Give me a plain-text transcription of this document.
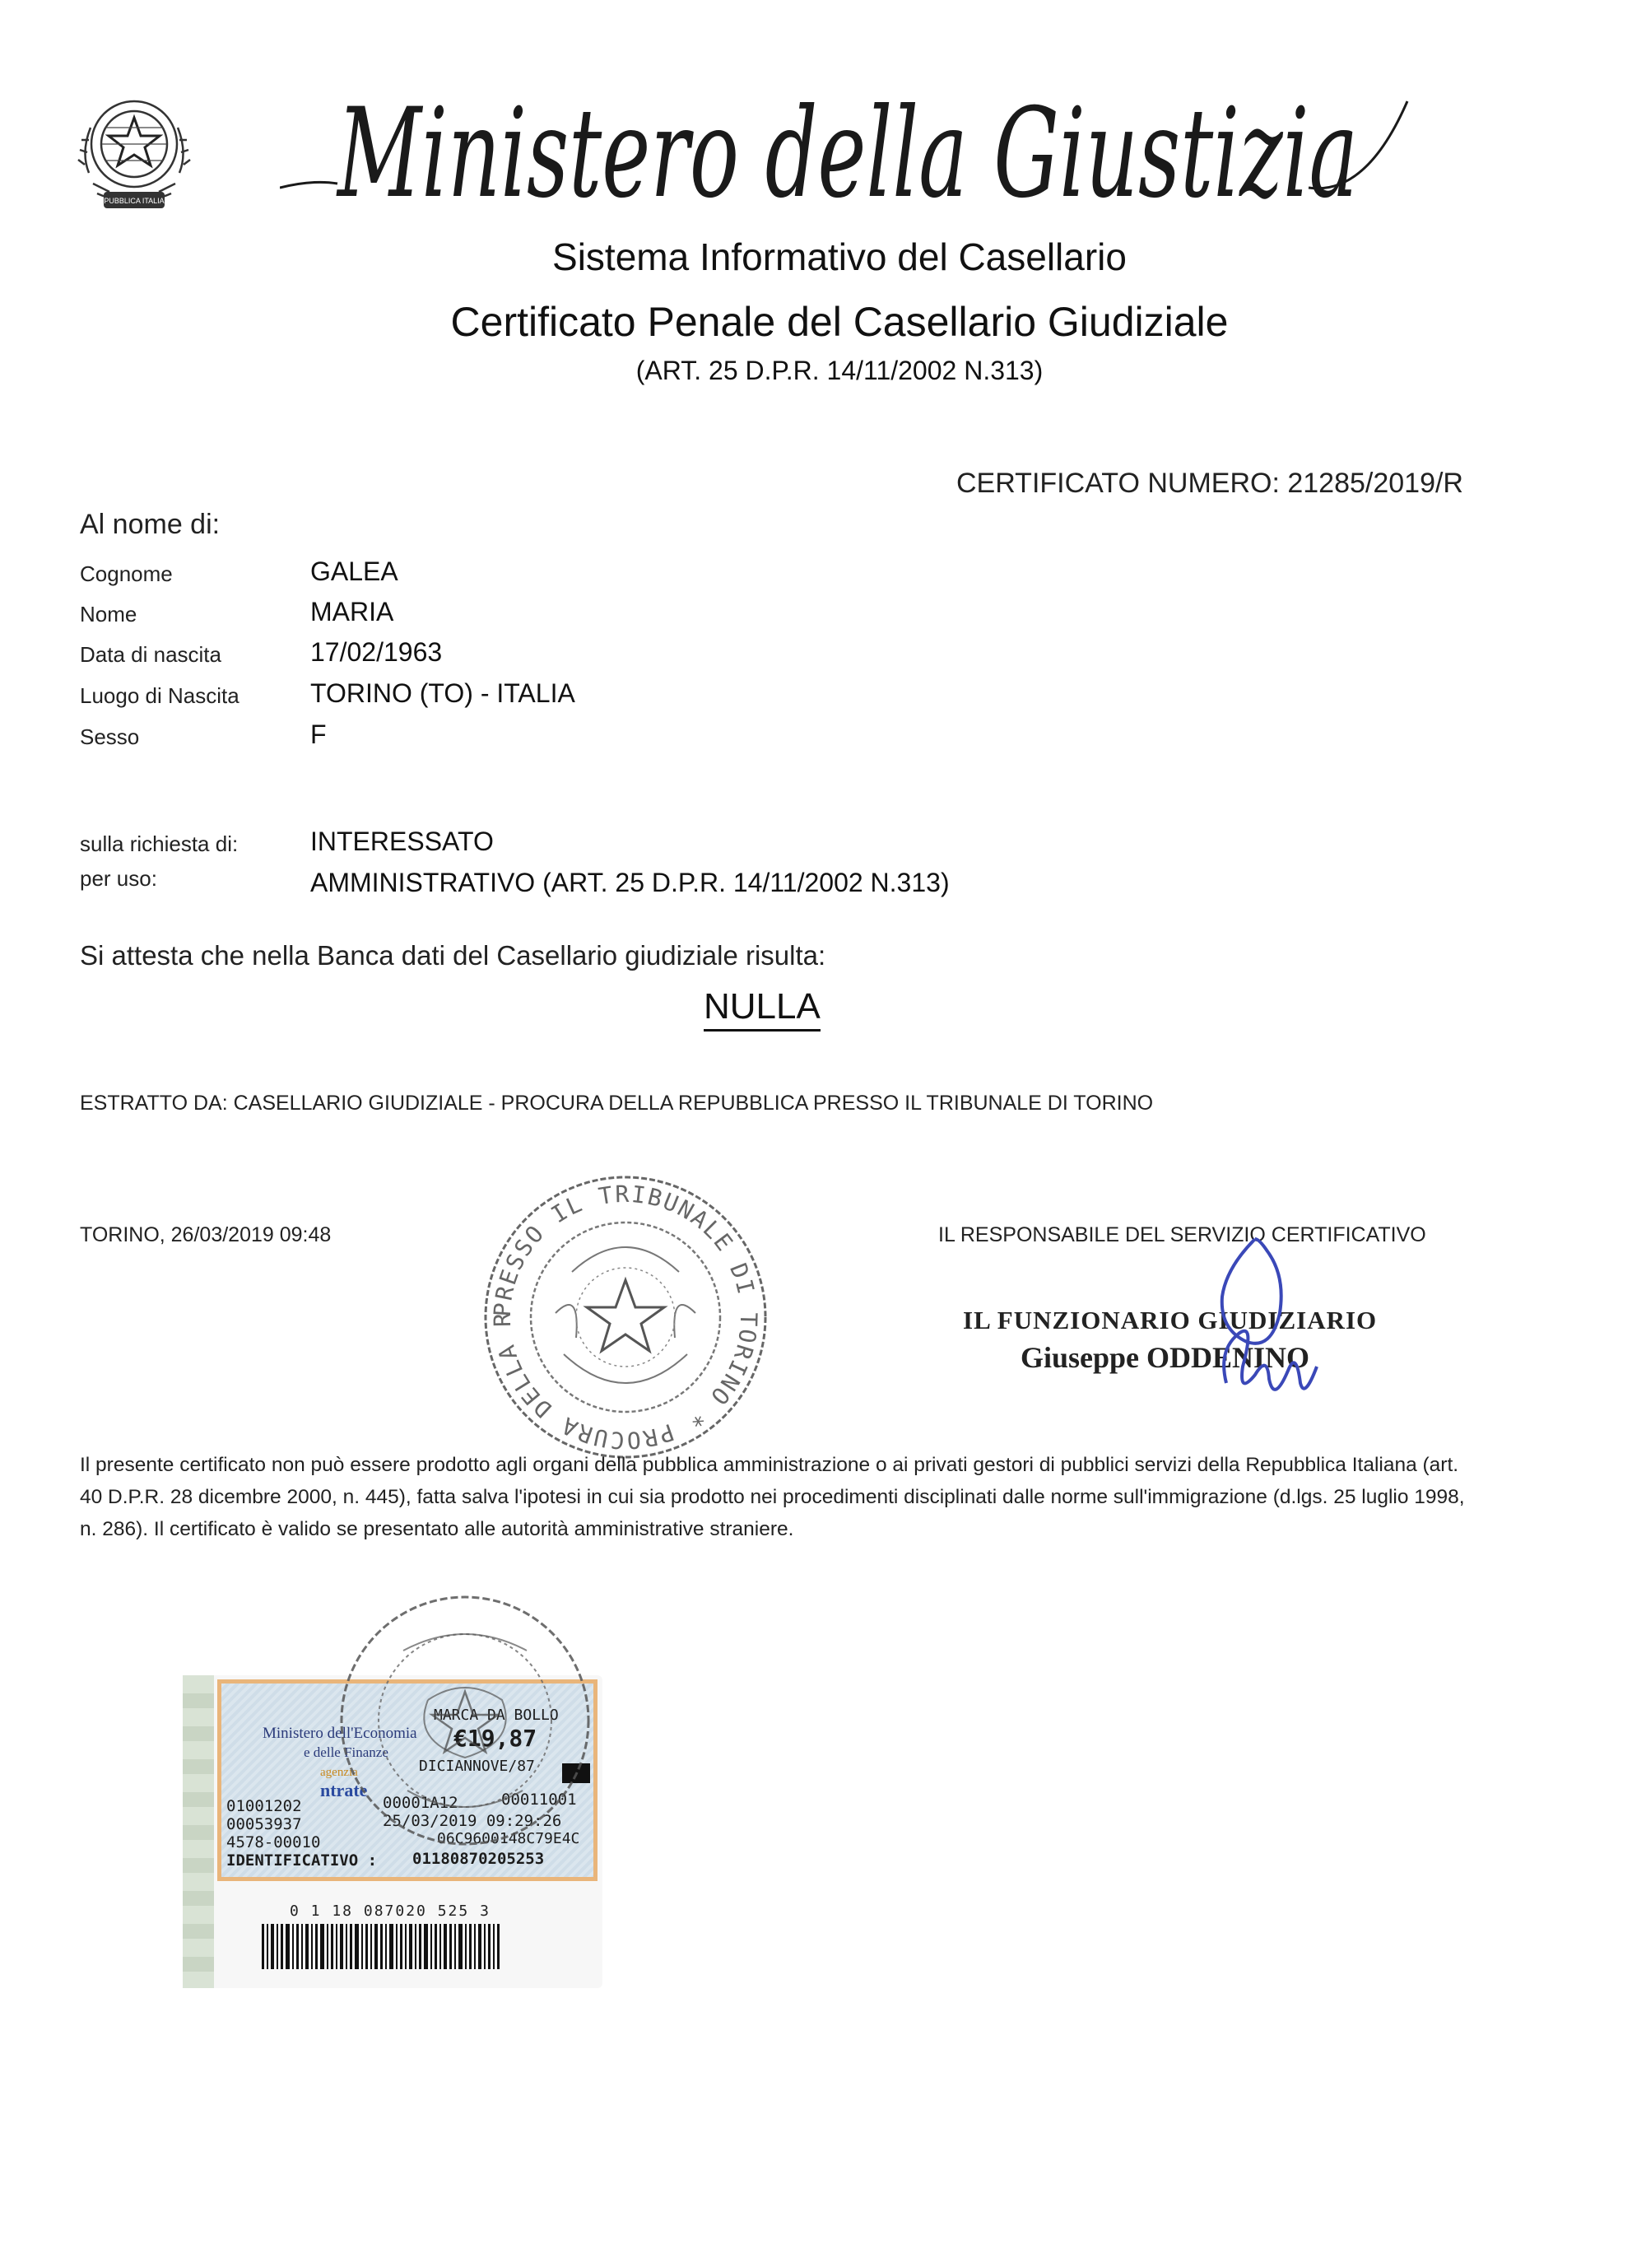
REPUBBLICA ITALIANA Ministero della Giustizia
Sistema Informativo del Casellario
Certificato Penale del Casellario Giudiziale
(ART. 25 D.P.R. 14/11/2002 N.313)
CERTIFICATO NUMERO: 21285/2019/R
Al nome di:
Cognome	GALEA
Nome	MARIA
Data di nascita	17/02/1963
Luogo di Nascita	TORINO (TO) - ITALIA
Sesso	F
sulla richiesta di:	INTERESSATO
per uso:	AMMINISTRATIVO (ART. 25 D.P.R. 14/11/2002 N.313)
Si attesta che nella Banca dati del Casellario giudiziale risulta:
NULLA
ESTRATTO DA: CASELLARIO GIUDIZIALE - PROCURA DELLA REPUBBLICA PRESSO IL TRIBUNALE DI TORINO
PRESSO IL TRIBUNALE DI TORINO * PROCURA DELLA R
TORINO, 26/03/2019 09:48	IL RESPONSABILE DEL SERVIZIO CERTIFICATIVO
IL FUNZIONARIO GIUDIZIARIO
Giuseppe ODDENINO
Il presente certificato non può essere prodotto agli organi della pubblica amministrazione o ai privati gestori di pubblici servizi della Repubblica Italiana (art. 40 D.P.R. 28 dicembre 2000, n. 445), fatta salva l'ipotesi in cui sia prodotto nei procedimenti disciplinati dalle norme sull'immigrazione (d.lgs. 25 luglio 1998, n. 286). Il certificato è valido se presentato alle autorità amministrative straniere.
Ministero dell'Economia
e delle Finanze
agenzia
ntrate
MARCA DA BOLLO
€19,87
DICIANNOVE/87
01001202
00053937
4578-00010
00001A12	00011001
25/03/2019 09:29:26
06C9600148C79E4C
IDENTIFICATIVO : 01180870205253
0 1 18 087020 525 3
